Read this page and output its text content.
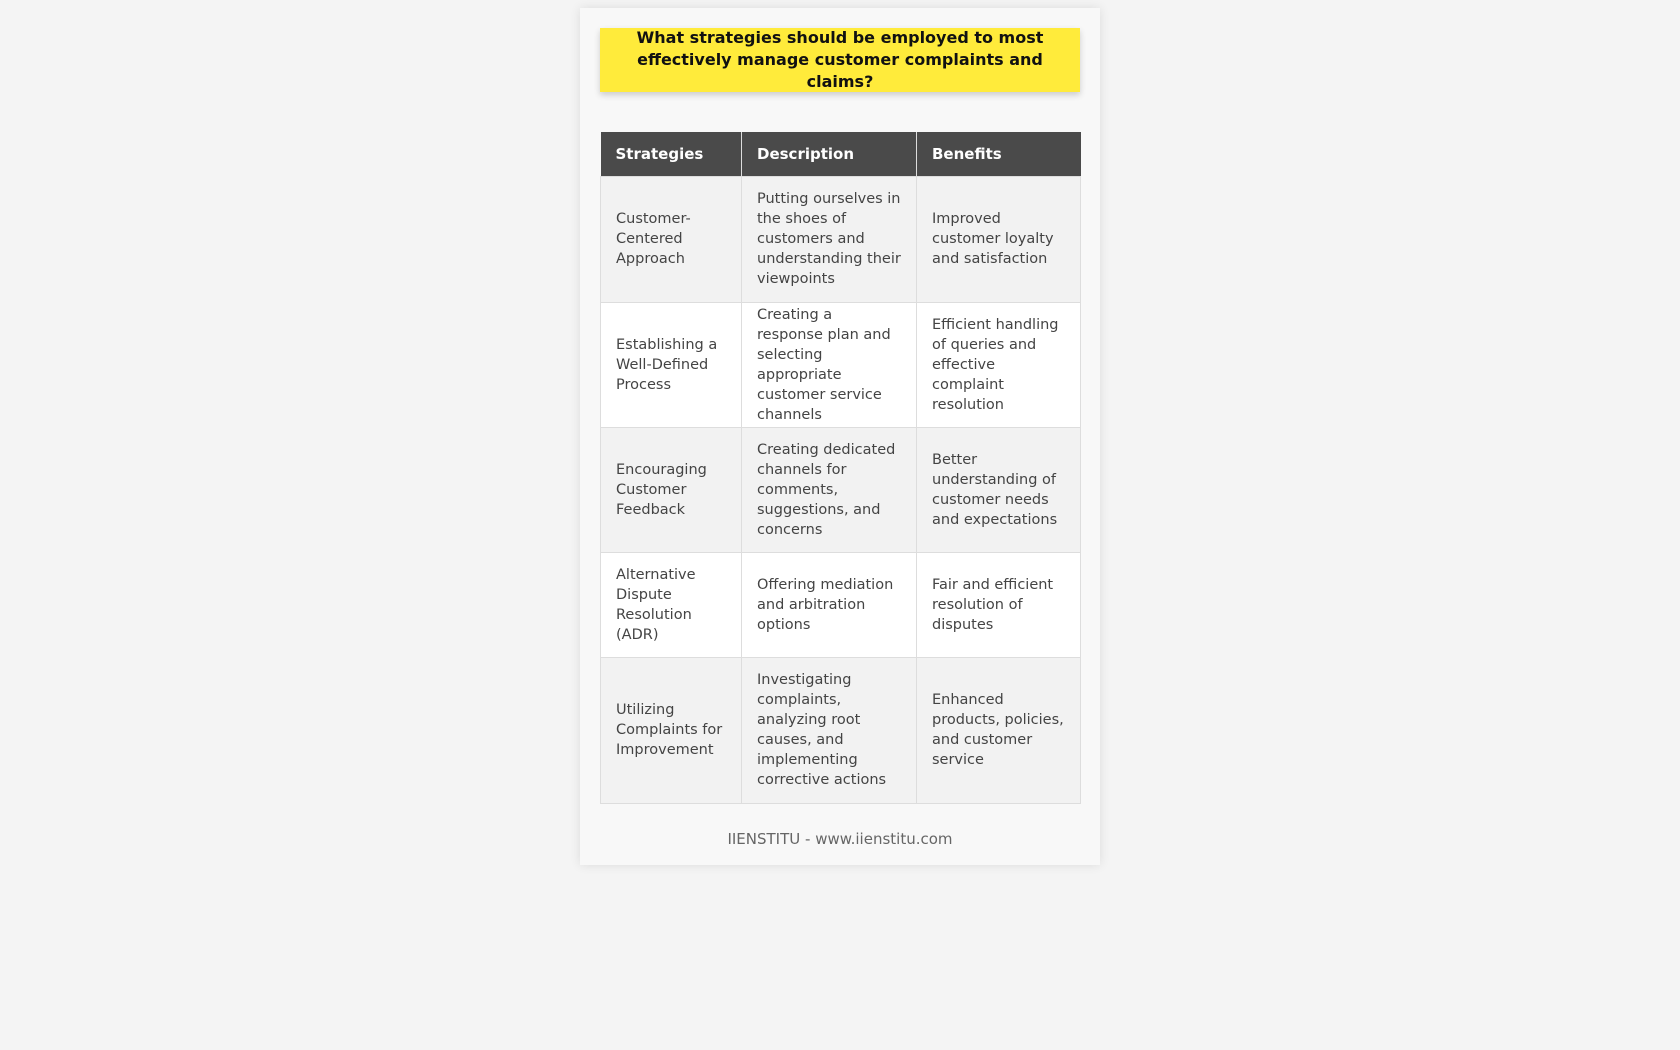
What strategies should be employed to most effectively manage customer complaints and claims?
Strategies	Description	Benefits
Customer-Centered Approach	Putting ourselves in the shoes of customers and understanding their viewpoints	Improved customer loyalty and satisfaction
Establishing a Well-Defined Process	Creating a response plan and selecting appropriate customer service channels	Efficient handling of queries and effective complaint resolution
Encouraging Customer Feedback	Creating dedicated channels for comments, suggestions, and concerns	Better understanding of customer needs and expectations
Alternative Dispute Resolution (ADR)	Offering mediation and arbitration options	Fair and efficient resolution of disputes
Utilizing Complaints for Improvement	Investigating complaints, analyzing root causes, and implementing corrective actions	Enhanced products, policies, and customer service
IIENSTITU - www.iienstitu.com
